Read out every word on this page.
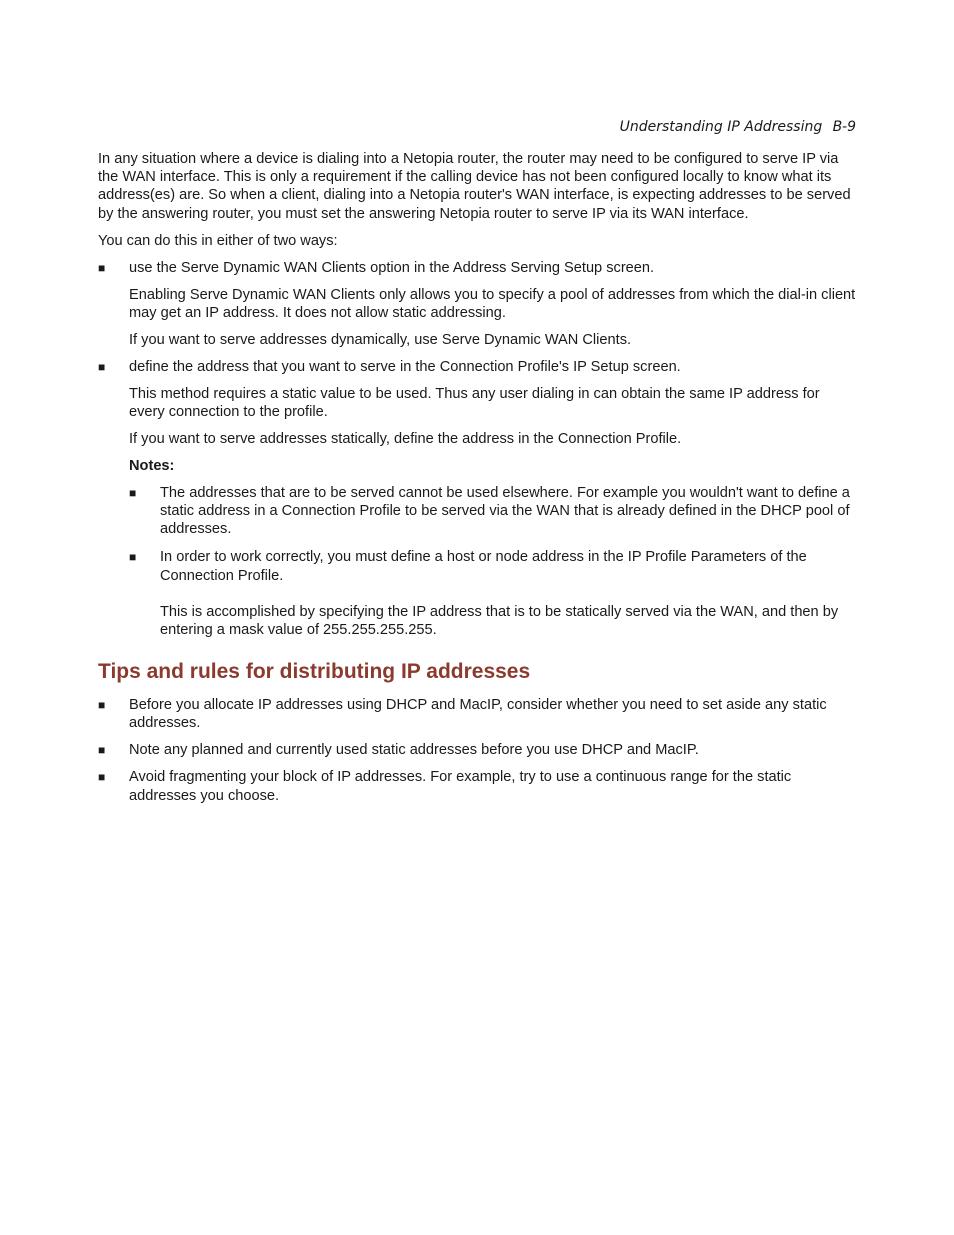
Understanding IP Addressing B-9

In any situation where a device is dialing into a Netopia router, the router may need to be configured to serve IP via the WAN interface. This is only a requirement if the calling device has not been configured locally to know what its address(es) are. So when a client, dialing into a Netopia router's WAN interface, is expecting addresses to be served by the answering router, you must set the answering Netopia router to serve IP via its WAN interface.

You can do this in either of two ways:

■ use the Serve Dynamic WAN Clients option in the Address Serving Setup screen.

Enabling Serve Dynamic WAN Clients only allows you to specify a pool of addresses from which the dial-in client may get an IP address. It does not allow static addressing.

If you want to serve addresses dynamically, use Serve Dynamic WAN Clients.

■ define the address that you want to serve in the Connection Profile's IP Setup screen.

This method requires a static value to be used. Thus any user dialing in can obtain the same IP address for every connection to the profile.

If you want to serve addresses statically, define the address in the Connection Profile.

Notes:

■ The addresses that are to be served cannot be used elsewhere. For example you wouldn't want to define a static address in a Connection Profile to be served via the WAN that is already defined in the DHCP pool of addresses.
■ In order to work correctly, you must define a host or node address in the IP Profile Parameters of the Connection Profile.
This is accomplished by specifying the IP address that is to be statically served via the WAN, and then by entering a mask value of 255.255.255.255.
Tips and rules for distributing IP addresses
■ Before you allocate IP addresses using DHCP and MacIP, consider whether you need to set aside any static addresses.
■ Note any planned and currently used static addresses before you use DHCP and MacIP.
■ Avoid fragmenting your block of IP addresses. For example, try to use a continuous range for the static addresses you choose.
